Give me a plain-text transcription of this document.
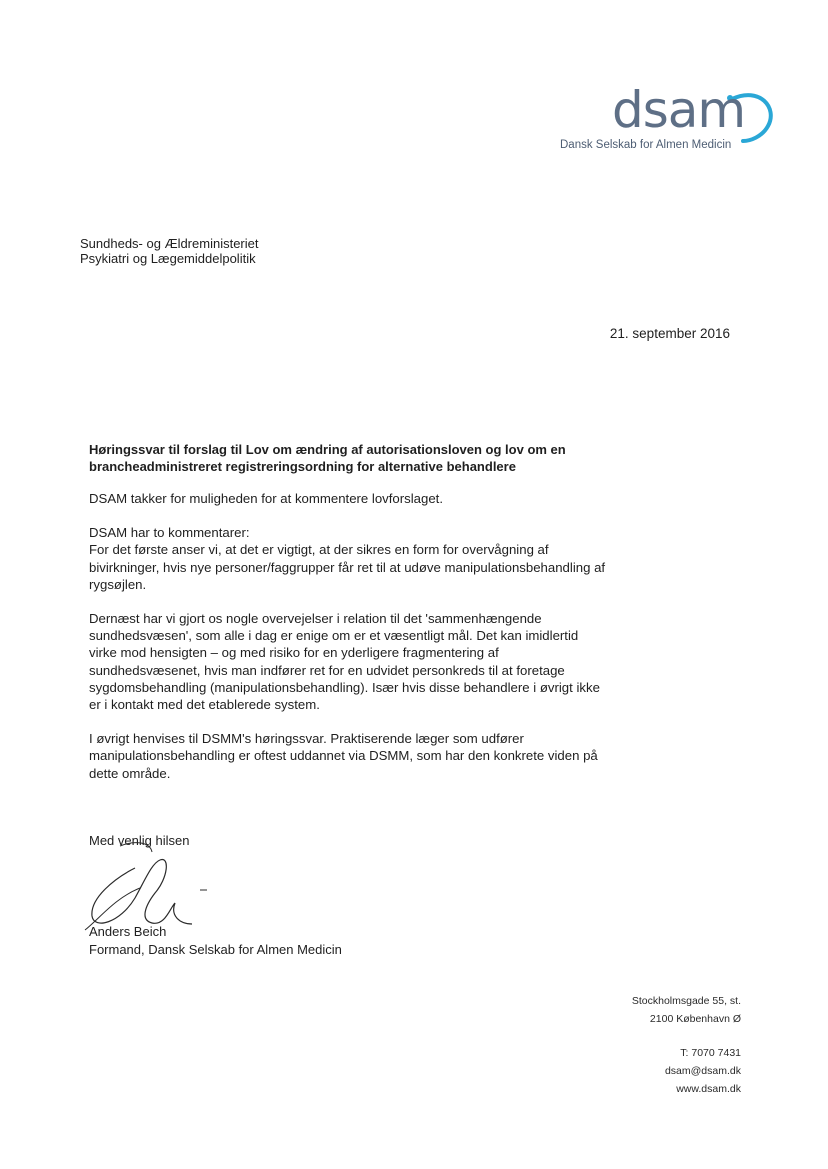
dsam
Dansk Selskab for Almen Medicin
Sundheds- og Ældreministeriet
Psykiatri og Lægemiddelpolitik
21. september 2016
Høringssvar til forslag til Lov om ændring af autorisationsloven og lov om en brancheadministreret registreringsordning for alternative behandlere

DSAM takker for muligheden for at kommentere lovforslaget.

DSAM har to kommentarer:

For det første anser vi, at det er vigtigt, at der sikres en form for overvågning af bivirkninger, hvis nye personer/faggrupper får ret til at udøve manipulationsbehandling af rygsøjlen.

Dernæst har vi gjort os nogle overvejelser i relation til det 'sammenhængende sundhedsvæsen', som alle i dag er enige om er et væsentligt mål. Det kan imidlertid virke mod hensigten – og med risiko for en yderligere fragmentering af sundhedsvæsenet, hvis man indfører ret for en udvidet personkreds til at foretage sygdomsbehandling (manipulationsbehandling). Især hvis disse behandlere i øvrigt ikke er i kontakt med det etablerede system.

I øvrigt henvises til DSMM's høringssvar. Praktiserende læger som udfører manipulationsbehandling er oftest uddannet via DSMM, som har den konkrete viden på dette område.

Med venlig hilsen
Anders Beich
Formand, Dansk Selskab for Almen Medicin
Stockholmsgade 55, st.
2100 København Ø
T: 7070 7431
dsam@dsam.dk
www.dsam.dk
